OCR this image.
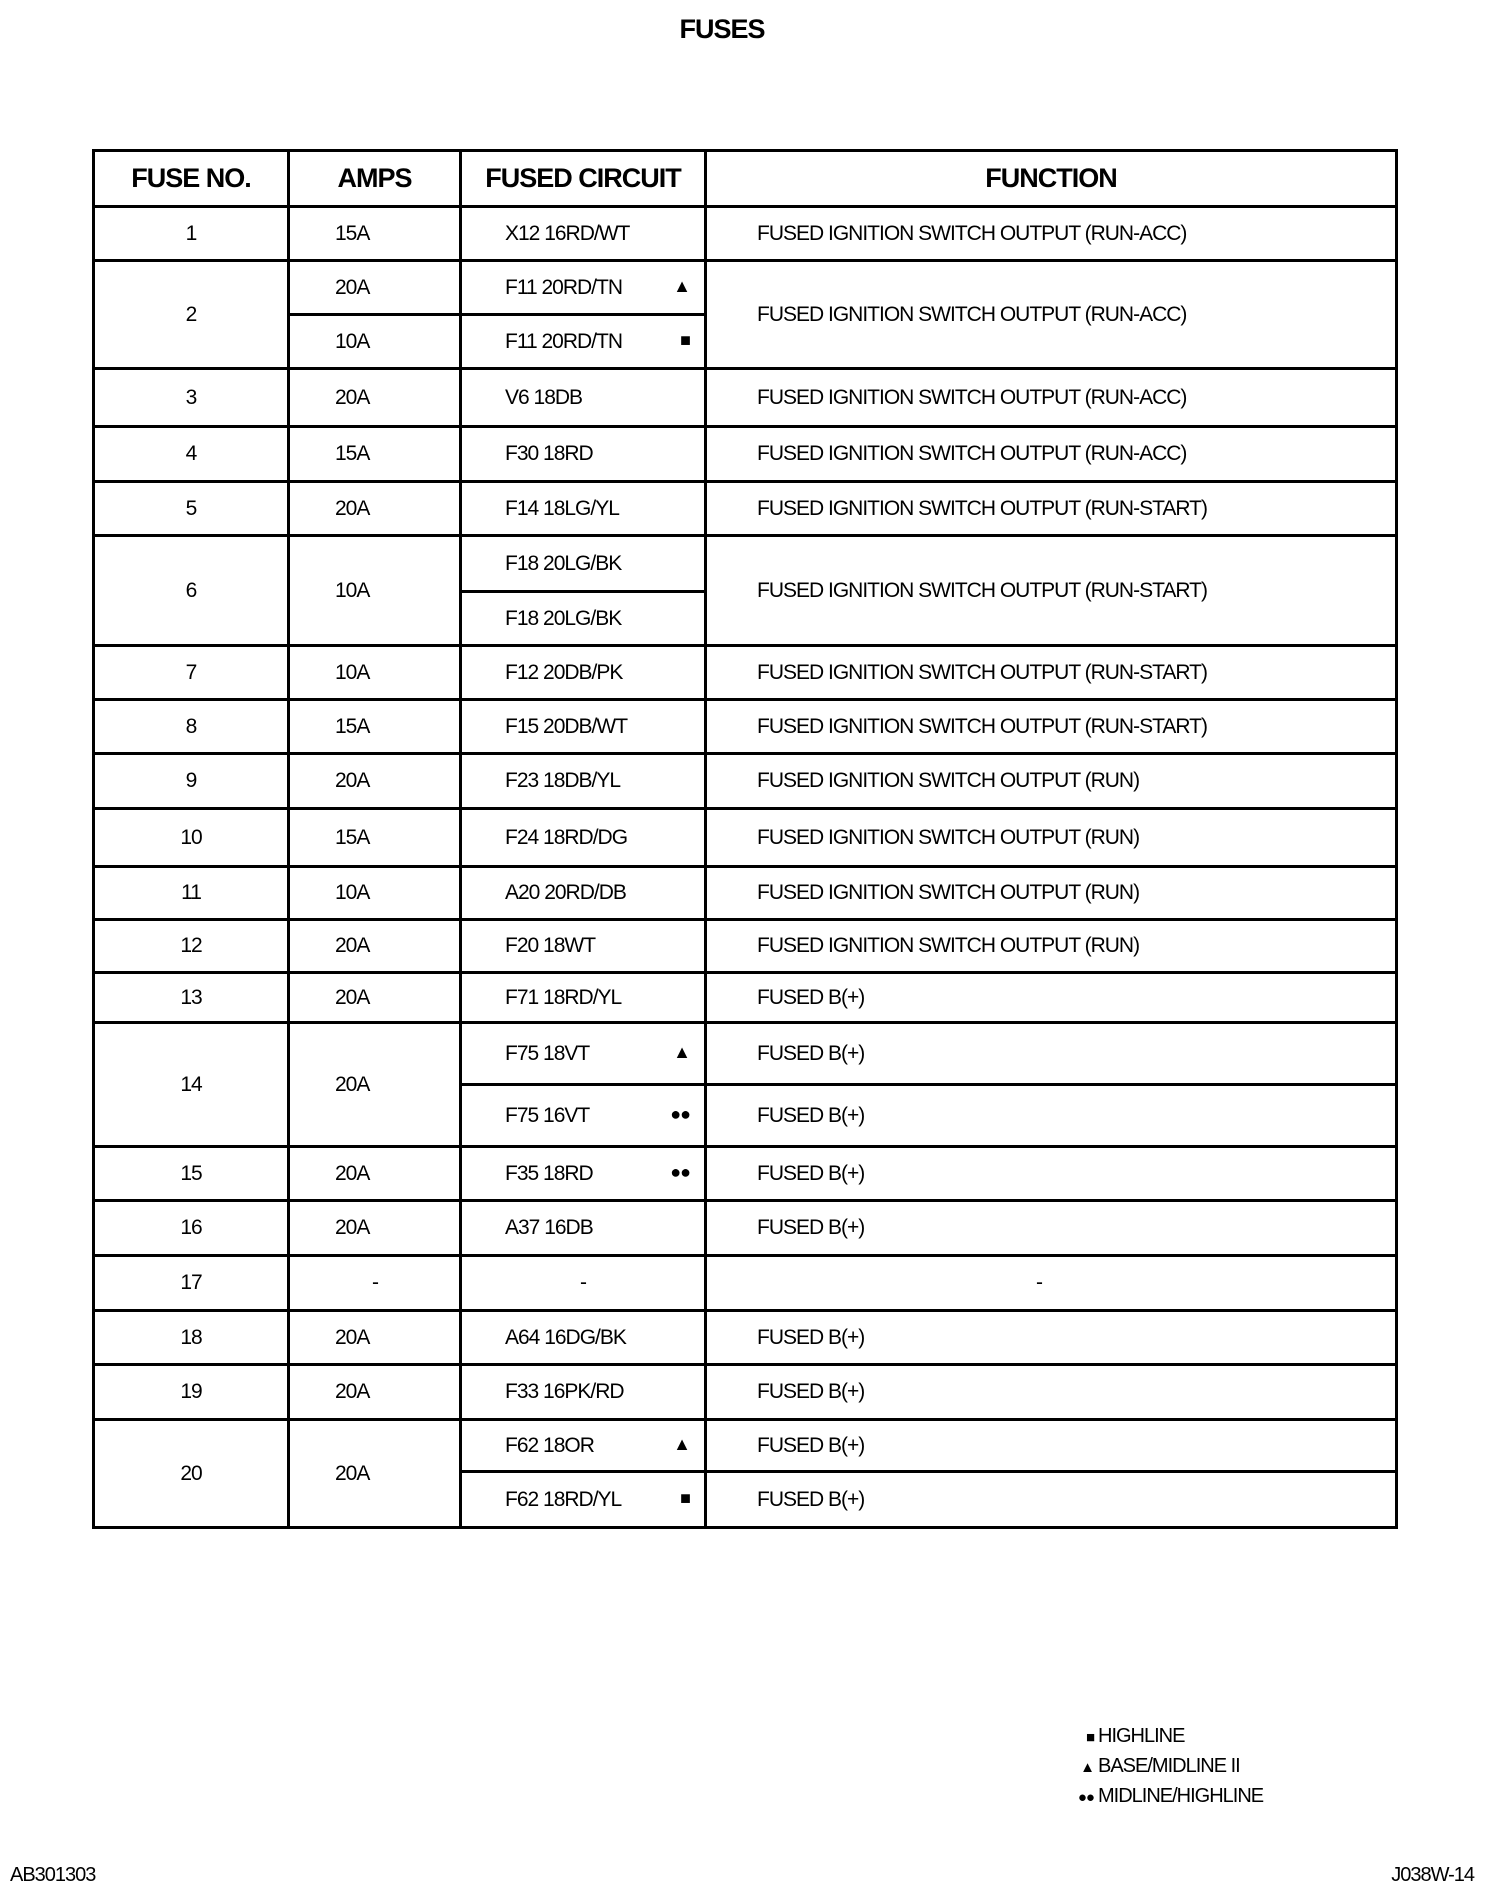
FUSES
FUSE NO.	AMPS	FUSED CIRCUIT	FUNCTION
1	15A	X12 16RD/WT	FUSED IGNITION SWITCH OUTPUT (RUN-ACC)
2	20A	F11 20RD/TN ▲	FUSED IGNITION SWITCH OUTPUT (RUN-ACC)
	10A	F11 20RD/TN ■	

3	20A	V6 18DB	FUSED IGNITION SWITCH OUTPUT (RUN-ACC)
4	15A	F30 18RD	FUSED IGNITION SWITCH OUTPUT (RUN-ACC)
5	20A	F14 18LG/YL	FUSED IGNITION SWITCH OUTPUT (RUN-START)
6	10A	F18 20LG/BK	FUSED IGNITION SWITCH OUTPUT (RUN-START)

		F18 20LG/BK	

7	10A	F12 20DB/PK	FUSED IGNITION SWITCH OUTPUT (RUN-START)
8	15A	F15 20DB/WT	FUSED IGNITION SWITCH OUTPUT (RUN-START)
9	20A	F23 18DB/YL	FUSED IGNITION SWITCH OUTPUT (RUN)
10	15A	F24 18RD/DG	FUSED IGNITION SWITCH OUTPUT (RUN)
11	10A	A20 20RD/DB	FUSED IGNITION SWITCH OUTPUT (RUN)
12	20A	F20 18WT	FUSED IGNITION SWITCH OUTPUT (RUN)
13	20A	F71 18RD/YL	FUSED B(+)
14	20A	F75 18VT ▲	FUSED B(+)

		F75 16VT ●●	FUSED B(+)
15	20A	F35 18RD ●●	FUSED B(+)
16	20A	A37 16DB	FUSED B(+)
17	-	-	-
18	20A	A64 16DG/BK	FUSED B(+)
19	20A	F33 16PK/RD	FUSED B(+)
20	20A	F62 18OR ▲	FUSED B(+)

		F62 18RD/YL ■	FUSED B(+)
■ HIGHLINE
▲ BASE/MIDLINE II
●● MIDLINE/HIGHLINE
AB301303	J038W-14
